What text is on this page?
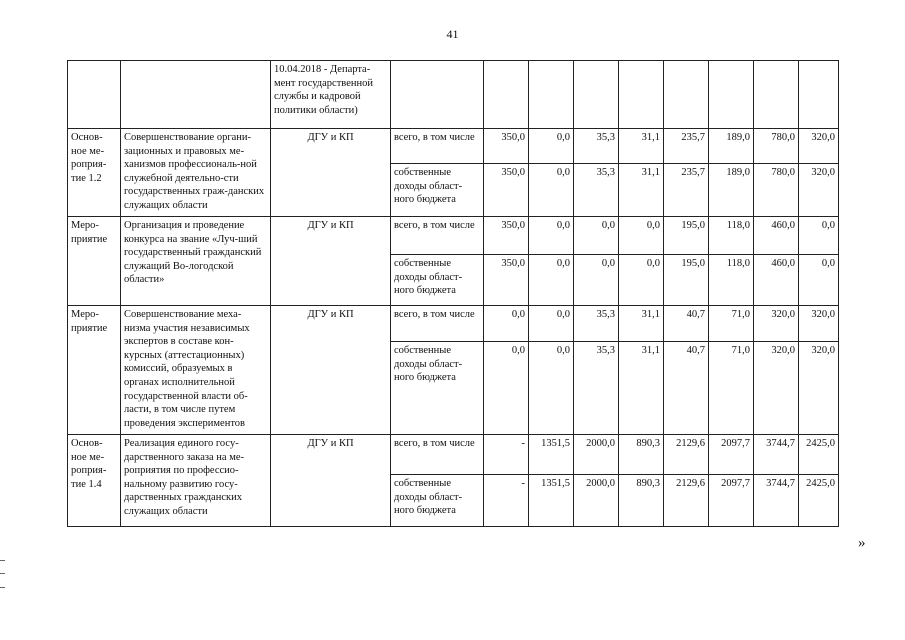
41
		10.04.2018 - Департа-мент государственной службы и кадровой политики области)									
Основ-ное ме-роприя-тие 1.2	Совершенствование органи-зационных и правовых ме-ханизмов профессиональ-ной служебной деятельно-сти государственных граж-данских служащих области	ДГУ и КП	всего, в том числе	350,0	0,0	35,3	31,1	235,7	189,0	780,0	320,0
			собственные доходы област-ного бюджета	350,0	0,0	35,3	31,1	235,7	189,0	780,0	320,0
Меро-приятие	Организация и проведение конкурса на звание «Луч-ший государственный гражданский служащий Во-логодской области»	ДГУ и КП	всего, в том числе	350,0	0,0	0,0	0,0	195,0	118,0	460,0	0,0
			собственные доходы област-ного бюджета	350,0	0,0	0,0	0,0	195,0	118,0	460,0	0,0
Меро-приятие	Совершенствование меха-низма участия независимых экспертов в составе кон-курсных (аттестационных) комиссий, образуемых в органах исполнительной государственной власти об-ласти, в том числе путем проведения экспериментов	ДГУ и КП	всего, в том числе	0,0	0,0	35,3	31,1	40,7	71,0	320,0	320,0
			собственные доходы област-ного бюджета	0,0	0,0	35,3	31,1	40,7	71,0	320,0	320,0
Основ-ное ме-роприя-тие 1.4	Реализация единого госу-дарственного заказа на ме-роприятия по профессио-нальному развитию госу-дарственных гражданских служащих области	ДГУ и КП	всего, в том числе	-	1351,5	2000,0	890,3	2129,6	2097,7	3744,7	2425,0
			собственные доходы област-ного бюджета	-	1351,5	2000,0	890,3	2129,6	2097,7	3744,7	2425,0
»
